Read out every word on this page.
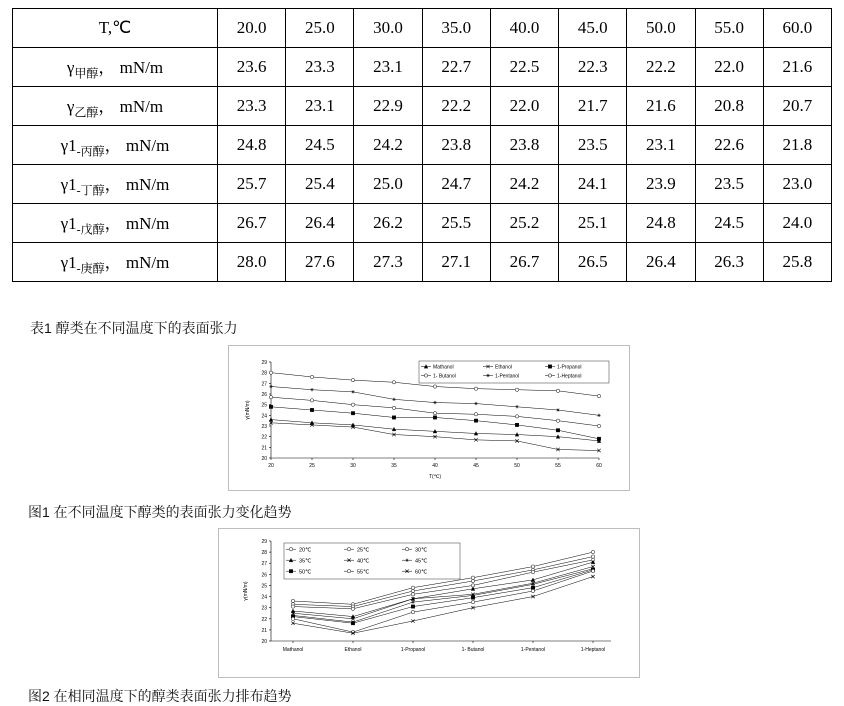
T,℃	20.0	25.0	30.0	35.0	40.0	45.0	50.0	55.0	60.0
$\gamma_{甲醇}$， mN/m	23.6	23.3	23.1	22.7	22.5	22.3	22.2	22.0	21.6
$\gamma_{乙醇}$， mN/m	23.3	23.1	22.9	22.2	22.0	21.7	21.6	20.8	20.7
$\gamma 1_{-丙醇}$， mN/m	24.8	24.5	24.2	23.8	23.8	23.5	23.1	22.6	21.8
$\gamma 1_{-丁醇}$， mN/m	25.7	25.4	25.0	24.7	24.2	24.1	23.9	23.5	23.0
$\gamma 1_{-戊醇}$， mN/m	26.7	26.4	26.2	25.5	25.2	25.1	24.8	24.5	24.0
$\gamma 1_{-庚醇}$， mN/m	28.0	27.6	27.3	27.1	26.7	26.5	26.4	26.3	25.8
表1 醇类在不同温度下的表面张力
20
21
22
23
24
25
26
27
28
29
20	25	30	35	40	45	50	55	60
T(℃)
γ(mN/m)
Mathanol	Ethanol	1-Propanol
1- Butanol	1-Pentanol	1-Heptanol
图1 在不同温度下醇类的表面张力变化趋势
20
21
22
23
24
25
26
27
28
29
Mathanol	Ethanol	1-Propanol	1- Butanol	1-Pentanol	1-Heptanol
γ(mN/m)
20℃	25℃	30℃
35℃	40℃	45℃
50℃	55℃	60℃
图2 在相同温度下的醇类表面张力排布趋势
